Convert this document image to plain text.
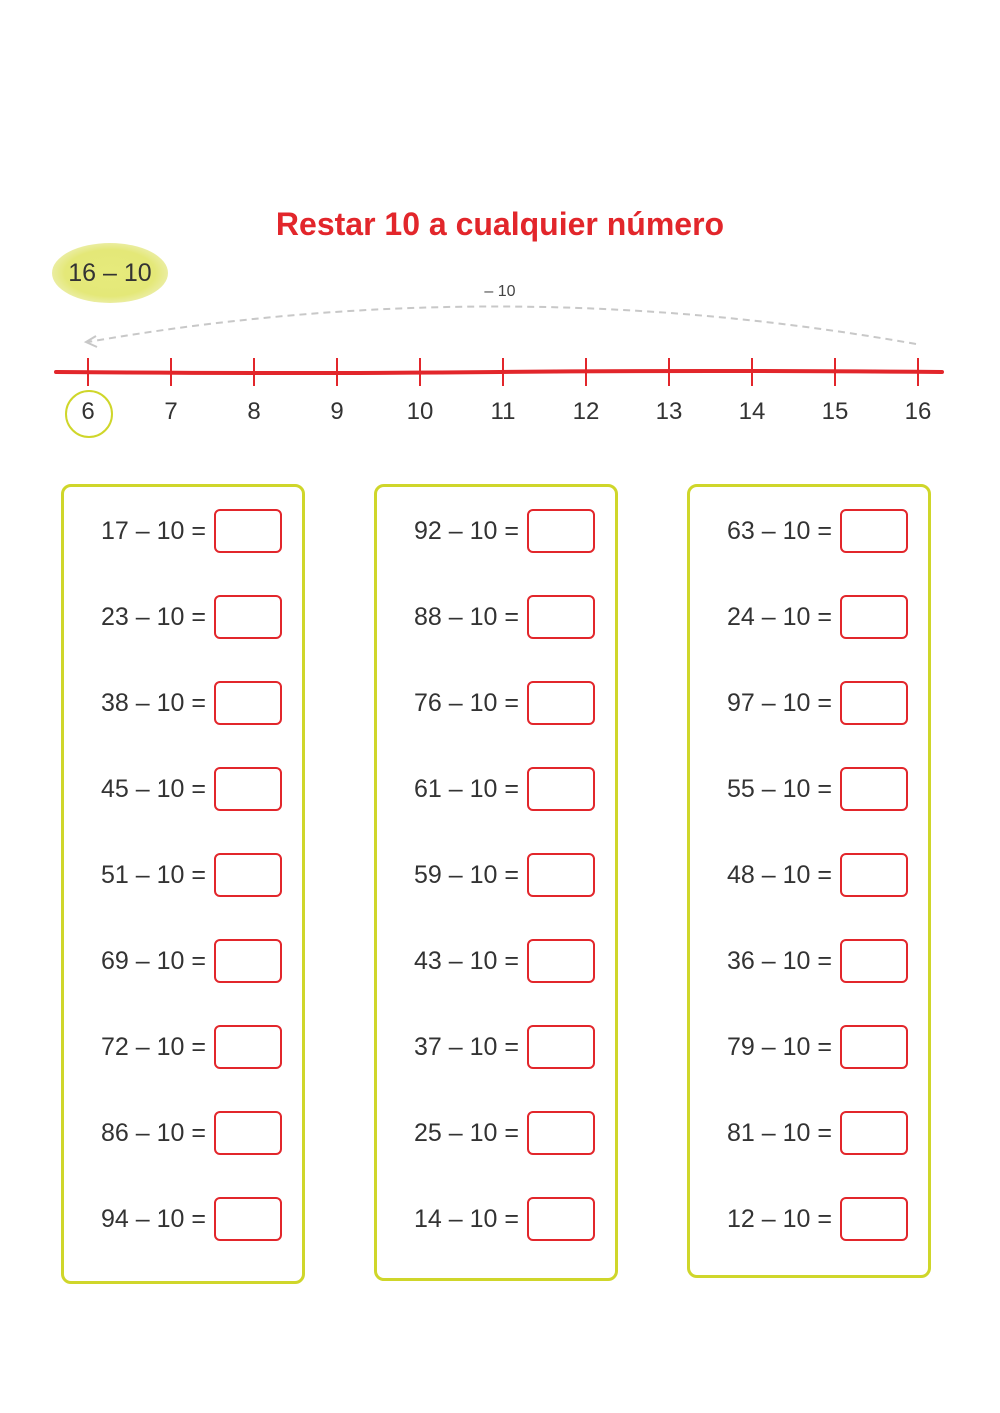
Restar 10 a cualquier número
16 – 10
– 10
6	7	8	9	10	11	12 13 14 15 16
17 – 10 =
23 – 10 =
38 – 10 =
45 – 10 =
51 – 10 =
69 – 10 =
72 – 10 =
86 – 10 =
94 – 10 =
92 – 10 =
88 – 10 =
76 – 10 =
61 – 10 =
59 – 10 =
43 – 10 =
37 – 10 =
25 – 10 =
14 – 10 =
63 – 10 =
24 – 10 =
97 – 10 =
55 – 10 =
48 – 10 =
36 – 10 =
79 – 10 =
81 – 10 =
12 – 10 =
